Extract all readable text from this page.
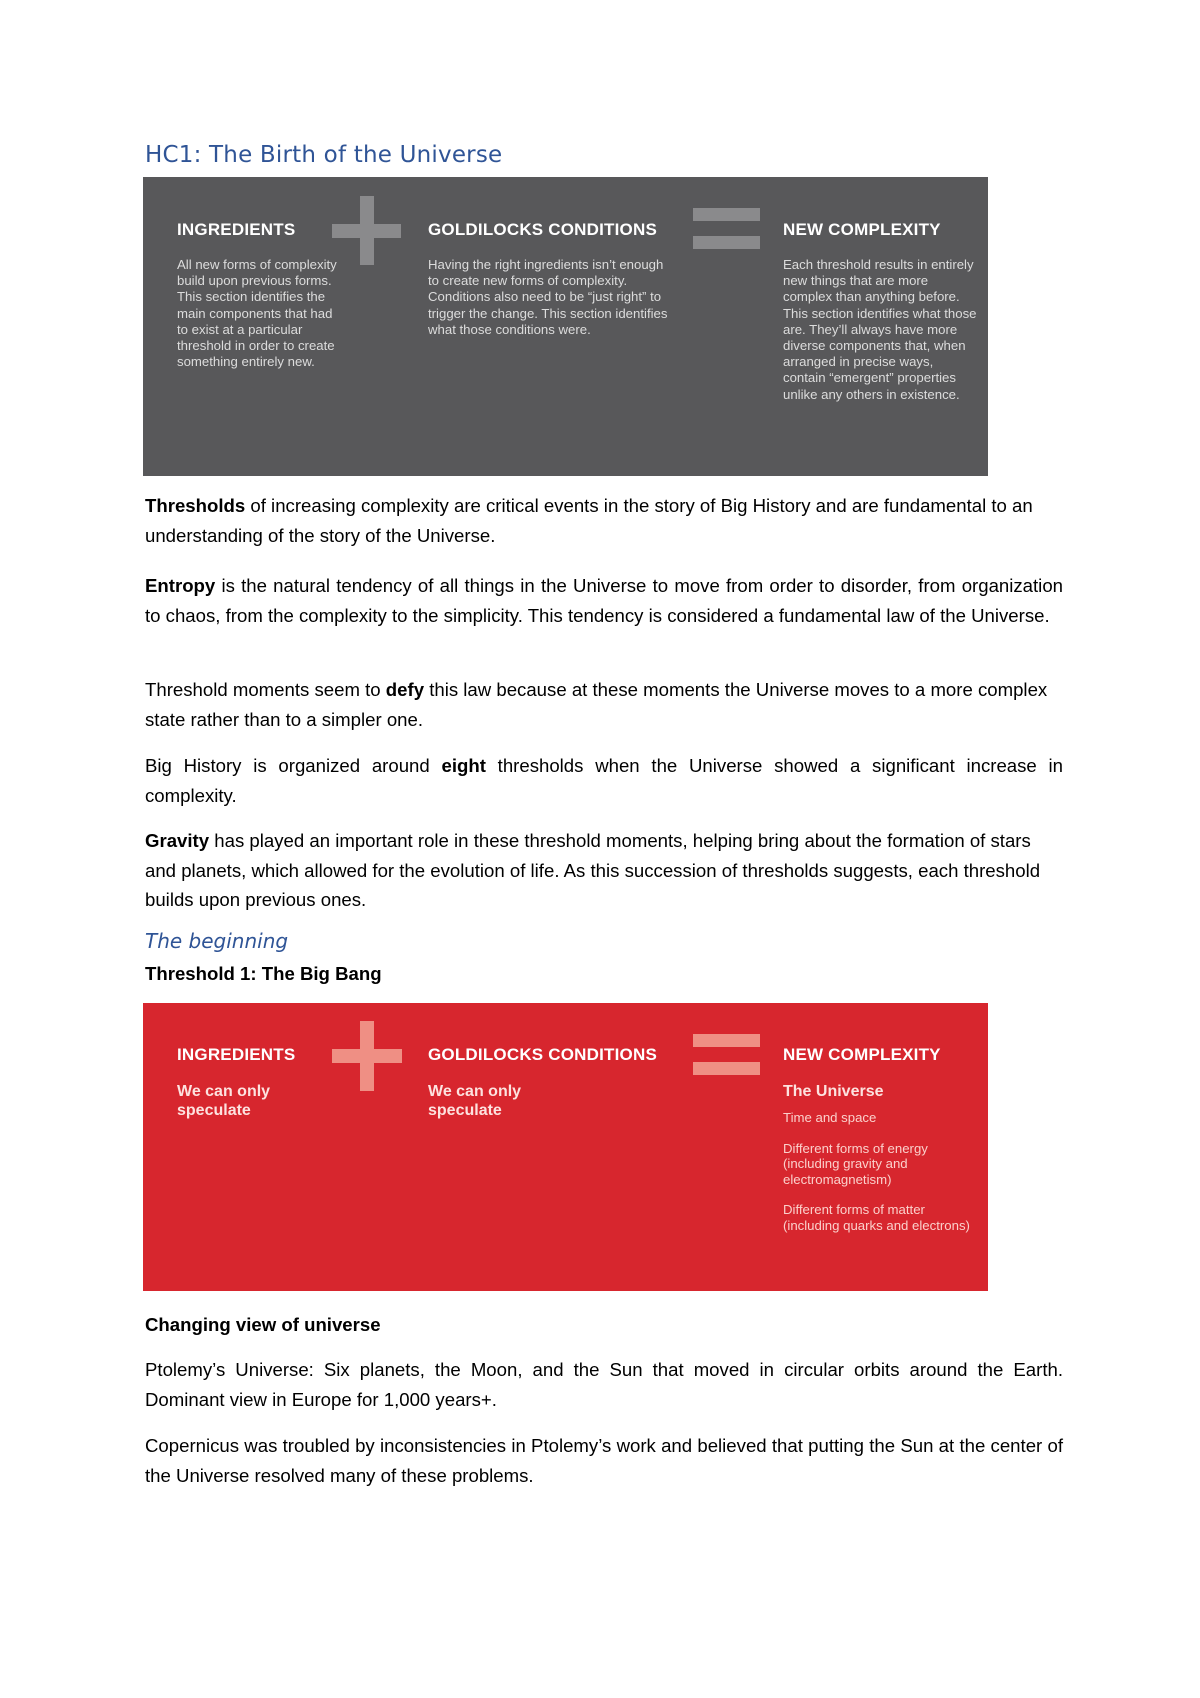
HC1: The Birth of the Universe

INGREDIENTS

All new forms of complexity build upon previous forms. This section identifies the main components that had to exist at a particular threshold in order to create something entirely new.

GOLDILOCKS CONDITIONS

Having the right ingredients isn’t enough to create new forms of complexity. Conditions also need to be “just right” to trigger the change. This section identifies what those conditions were.

NEW COMPLEXITY

Each threshold results in entirely new things that are more complex than anything before. This section identifies what those are. They’ll always have more diverse components that, when arranged in precise ways, contain “emergent” properties unlike any others in existence.

Thresholds of increasing complexity are critical events in the story of Big History and are fundamental to an understanding of the story of the Universe.

Entropy is the natural tendency of all things in the Universe to move from order to disorder, from organization to chaos, from the complexity to the simplicity. This tendency is considered a fundamental law of the Universe.

Threshold moments seem to defy this law because at these moments the Universe moves to a more complex state rather than to a simpler one.

Big History is organized around eight thresholds when the Universe showed a significant increase in complexity.

Gravity has played an important role in these threshold moments, helping bring about the formation of stars and planets, which allowed for the evolution of life. As this succession of thresholds suggests, each threshold builds upon previous ones.

The beginning

Threshold 1: The Big Bang

INGREDIENTS

We can only speculate

GOLDILOCKS CONDITIONS

We can only speculate

NEW COMPLEXITY

The Universe
Time and space
Different forms of energy (including gravity and electromagnetism)
Different forms of matter (including quarks and electrons)

Changing view of universe

Ptolemy’s Universe: Six planets, the Moon, and the Sun that moved in circular orbits around the Earth. Dominant view in Europe for 1,000 years+.

Copernicus was troubled by inconsistencies in Ptolemy’s work and believed that putting the Sun at the center of the Universe resolved many of these problems.
